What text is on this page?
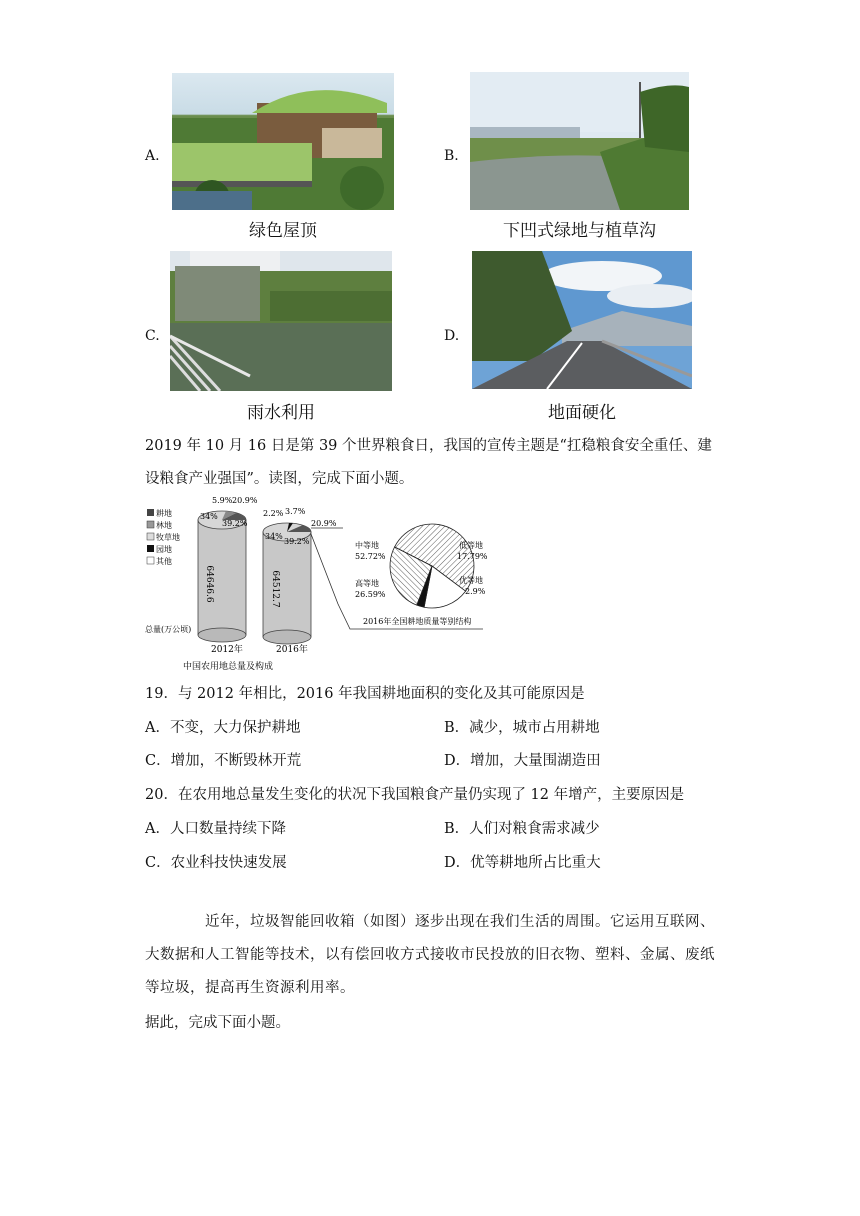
A.
绿色屋顶
B.
下凹式绿地与植草沟
C.
雨水利用
D.
地面硬化
2019 年 10 月 16 日是第 39 个世界粮食日，我国的宣传主题是“扛稳粮食安全重任、建
设粮食产业强国”。读图，完成下面小题。
耕地
林地
牧草地
园地
其他
总量(万公顷)
64646.6	64512.7
5.9% 20.9%
34%
39.2%
2.2% 3.7%
20.9%
34%
39.2%
2012年	2016年
中国农用地总量及构成
2016年全国耕地质量等别结构
中等地
52.72%
高等地
26.59%
低等地
17.79%
优等地
2.9%
19．与 2012 年相比，2016 年我国耕地面积的变化及其可能原因是
A．不变，大力保护耕地	B．减少，城市占用耕地
C．增加，不断毁林开荒	D．增加，大量围湖造田
20．在农用地总量发生变化的状况下我国粮食产量仍实现了 12 年增产，主要原因是
A．人口数量持续下降	B．人们对粮食需求减少
C．农业科技快速发展	D．优等耕地所占比重大
近年，垃圾智能回收箱（如图）逐步出现在我们生活的周围。它运用互联网、
大数据和人工智能等技术，以有偿回收方式接收市民投放的旧衣物、塑料、金属、废纸
等垃圾，提高再生资源利用率。
据此，完成下面小题。
